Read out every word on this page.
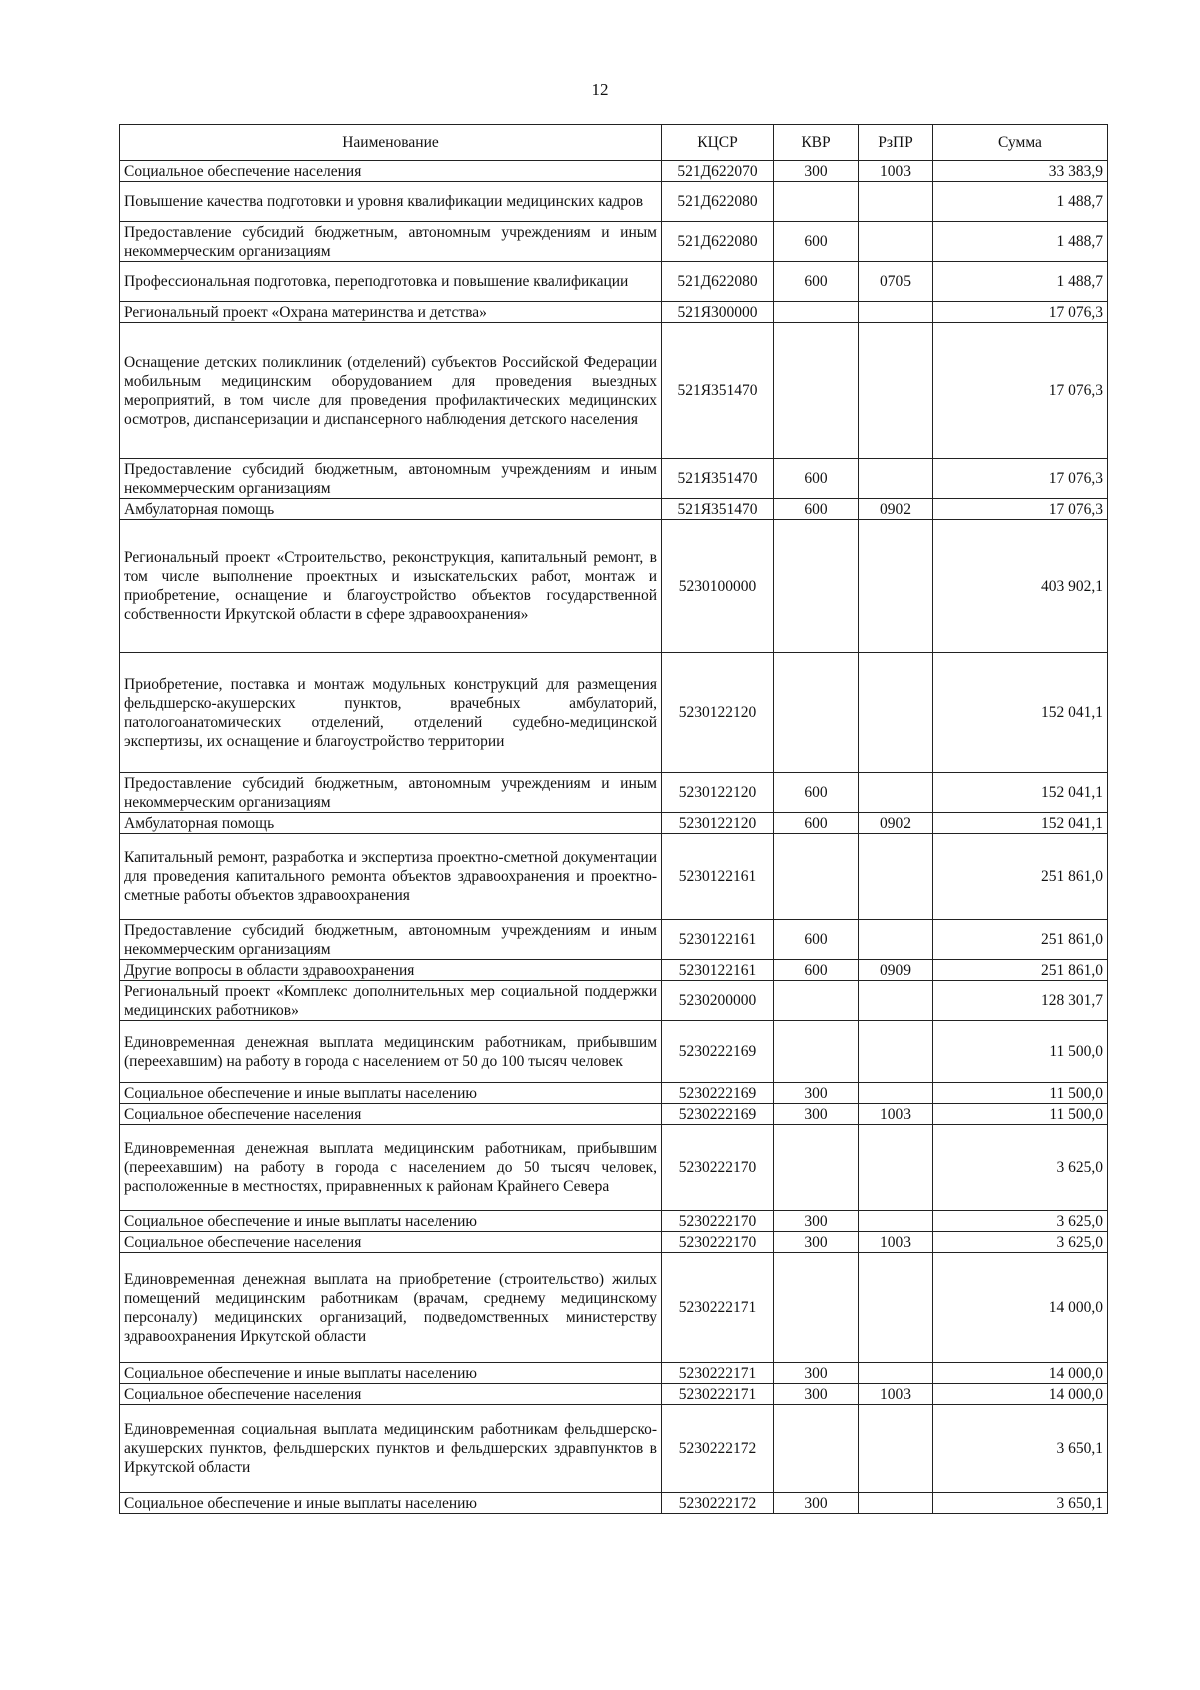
12
Наименование	КЦСР	КВР	РзПР	Сумма
Социальное обеспечение населения	521Д622070	300	1003	33 383,9
Повышение качества подготовки и уровня квалификации медицинских кадров	521Д622080			1 488,7
Предоставление субсидий бюджетным, автономным учреждениям и иным некоммерческим организациям	521Д622080	600		1 488,7
Профессиональная подготовка, переподготовка и повышение квалификации	521Д622080	600	0705	1 488,7
Региональный проект «Охрана материнства и детства»	521Я300000			17 076,3
Оснащение детских поликлиник (отделений) субъектов Российской Федерации мобильным медицинским оборудованием для проведения выездных мероприятий, в том числе для проведения профилактических медицинских осмотров, диспансеризации и диспансерного наблюдения детского населения	521Я351470			17 076,3
Предоставление субсидий бюджетным, автономным учреждениям и иным некоммерческим организациям	521Я351470	600		17 076,3
Амбулаторная помощь	521Я351470	600	0902	17 076,3
Региональный проект «Строительство, реконструкция, капитальный ремонт, в том числе выполнение проектных и изыскательских работ, монтаж и приобретение, оснащение и благоустройство объектов государственной собственности Иркутской области в сфере здравоохранения»	5230100000			403 902,1
Приобретение, поставка и монтаж модульных конструкций для размещения фельдшерско-акушерских пунктов, врачебных амбулаторий, патологоанатомических отделений, отделений судебно-медицинской экспертизы, их оснащение и благоустройство территории	5230122120			152 041,1
Предоставление субсидий бюджетным, автономным учреждениям и иным некоммерческим организациям	5230122120	600		152 041,1
Амбулаторная помощь	5230122120	600	0902	152 041,1
Капитальный ремонт, разработка и экспертиза проектно-сметной документации для проведения капитального ремонта объектов здравоохранения и проектно-сметные работы объектов здравоохранения	5230122161			251 861,0
Предоставление субсидий бюджетным, автономным учреждениям и иным некоммерческим организациям	5230122161	600		251 861,0
Другие вопросы в области здравоохранения	5230122161	600	0909	251 861,0
Региональный проект «Комплекс дополнительных мер социальной поддержки медицинских работников»	5230200000			128 301,7
Единовременная денежная выплата медицинским работникам, прибывшим (переехавшим) на работу в города с населением от 50 до 100 тысяч человек	5230222169			11 500,0
Социальное обеспечение и иные выплаты населению	5230222169	300		11 500,0
Социальное обеспечение населения	5230222169	300	1003	11 500,0
Единовременная денежная выплата медицинским работникам, прибывшим (переехавшим) на работу в города с населением до 50 тысяч человек, расположенные в местностях, приравненных к районам Крайнего Севера	5230222170			3 625,0
Социальное обеспечение и иные выплаты населению	5230222170	300		3 625,0
Социальное обеспечение населения	5230222170	300	1003	3 625,0
Единовременная денежная выплата на приобретение (строительство) жилых помещений медицинским работникам (врачам, среднему медицинскому персоналу) медицинских организаций, подведомственных министерству здравоохранения Иркутской области	5230222171			14 000,0
Социальное обеспечение и иные выплаты населению	5230222171	300		14 000,0
Социальное обеспечение населения	5230222171	300	1003	14 000,0
Единовременная социальная выплата медицинским работникам фельдшерско-акушерских пунктов, фельдшерских пунктов и фельдшерских здравпунктов в Иркутской области	5230222172			3 650,1
Социальное обеспечение и иные выплаты населению	5230222172	300		3 650,1
